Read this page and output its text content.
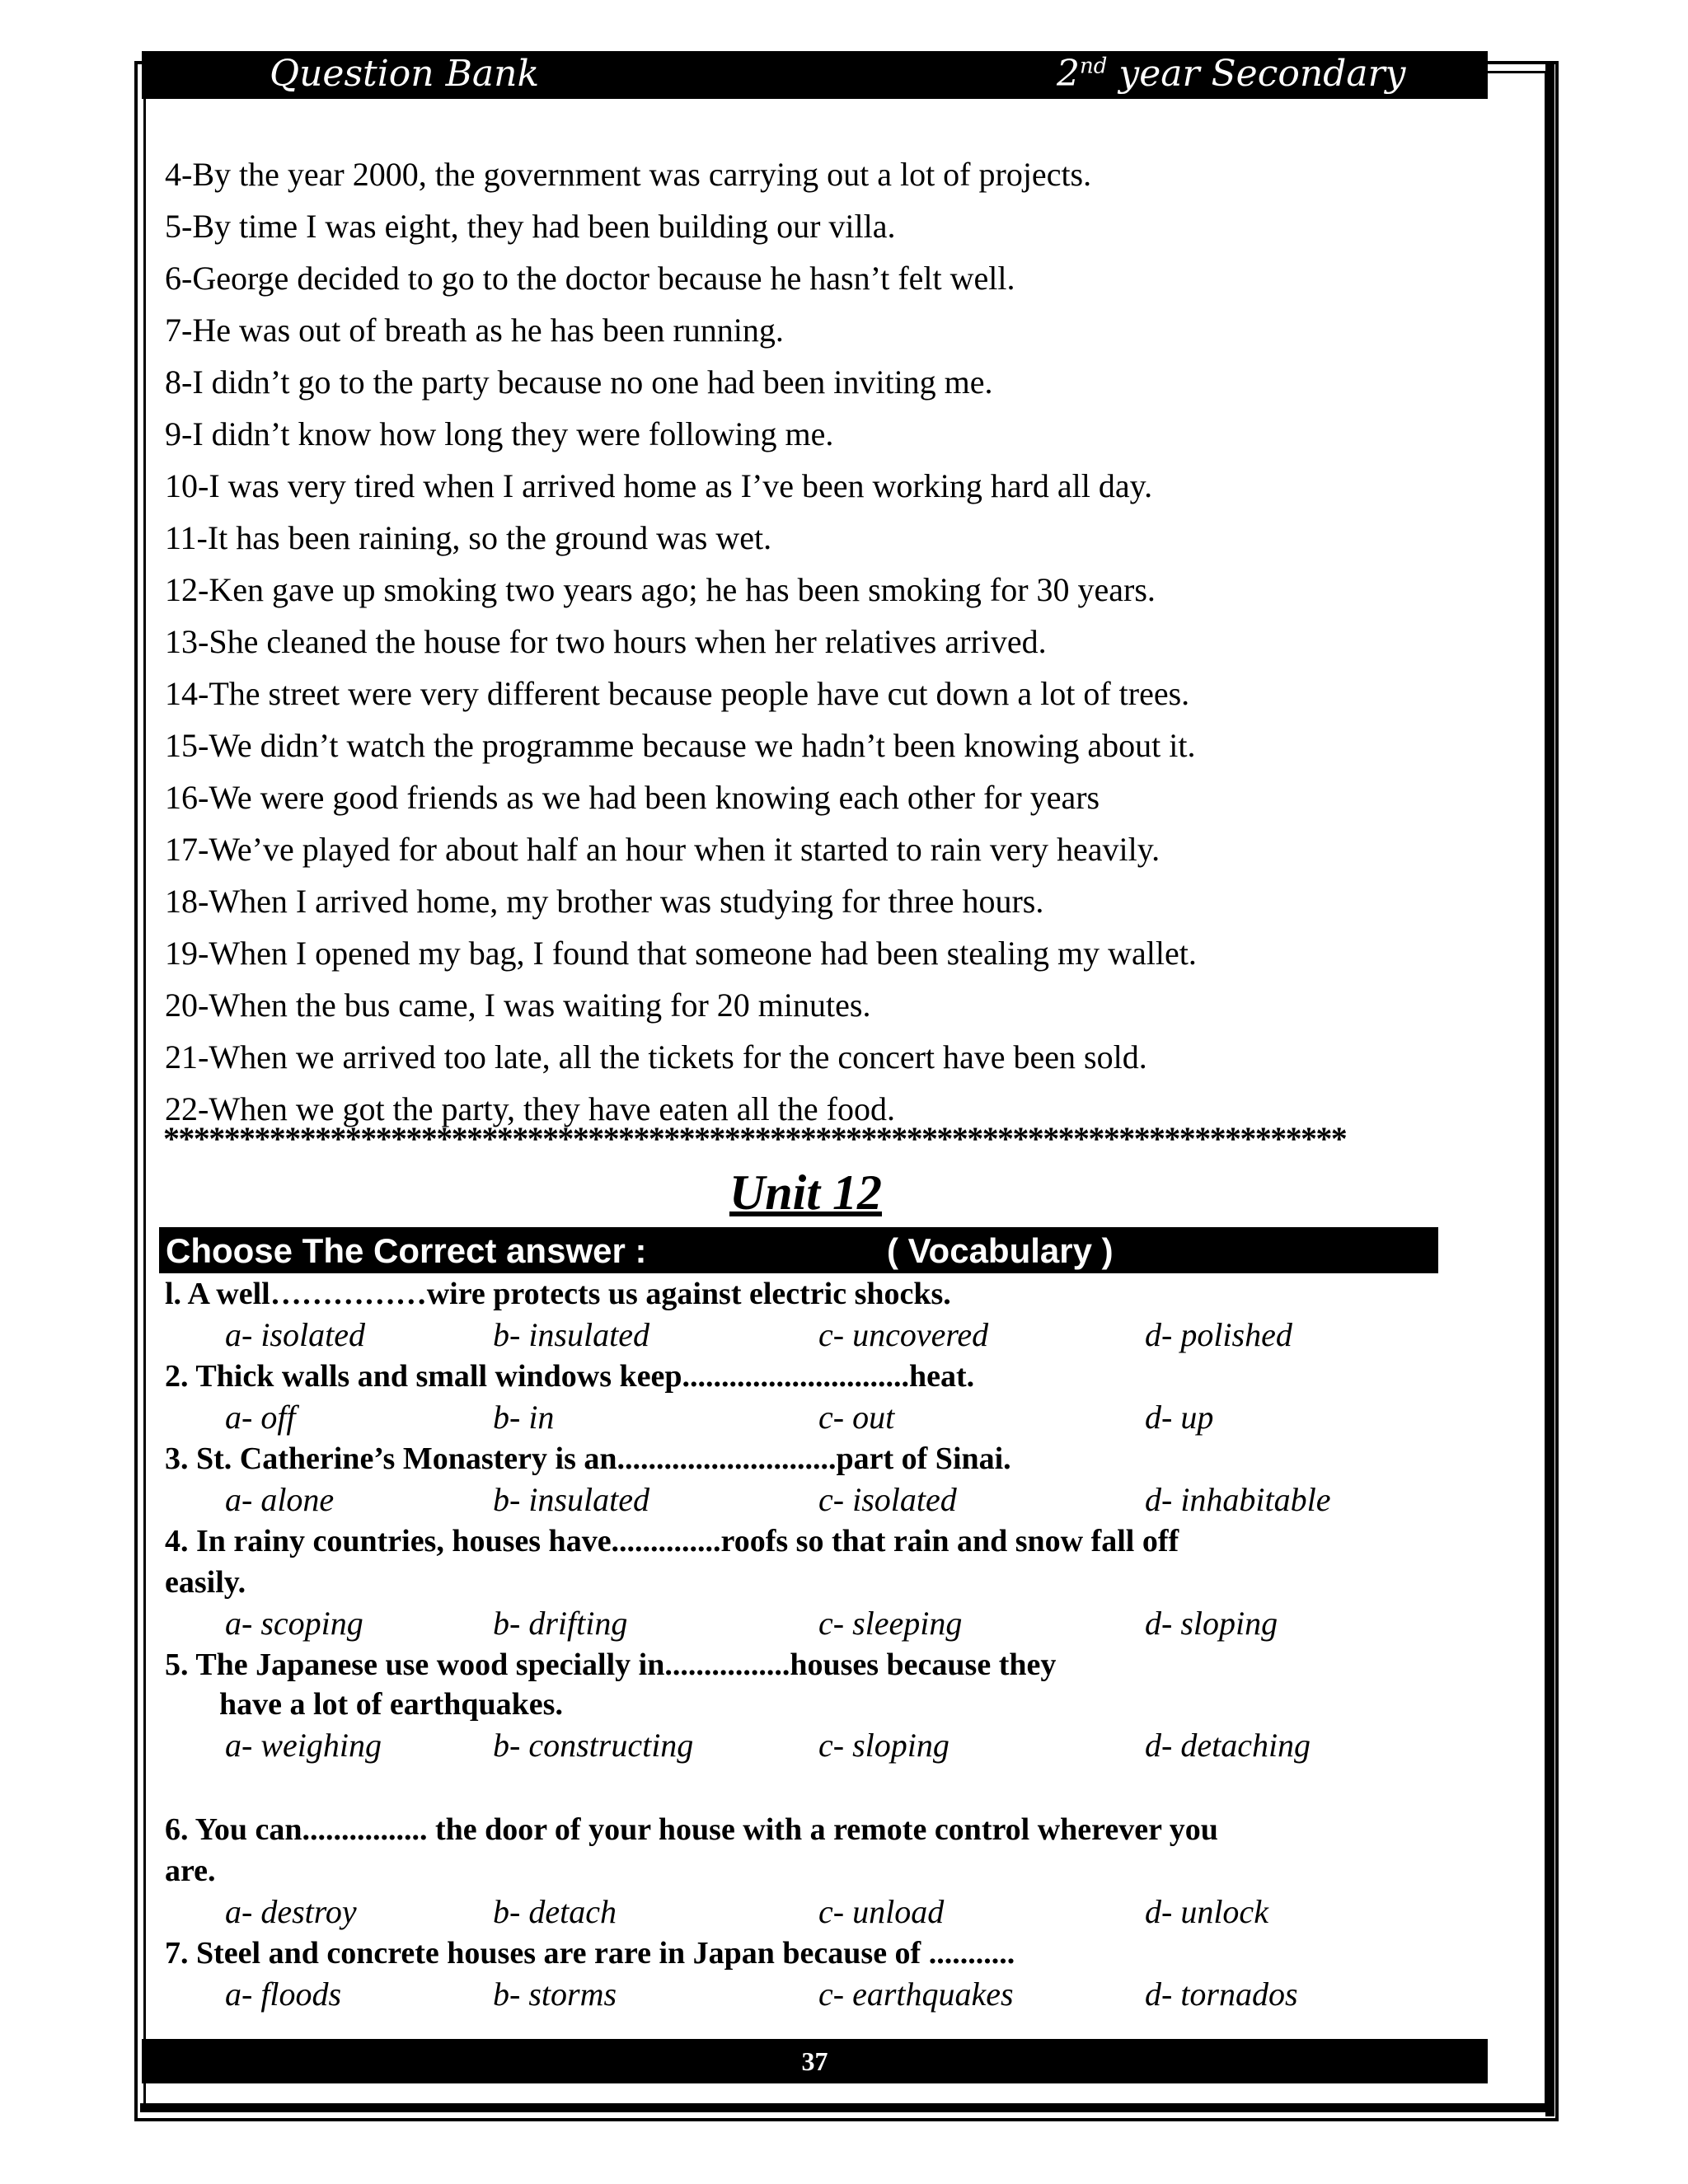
Question Bank	2nd year Secondary
4-By the year 2000, the government was carrying out a lot of projects.
5-By time I was eight, they had been building our villa.
6-George decided to go to the doctor because he hasn’t felt well.
7-He was out of breath as he has been running.
8-I didn’t go to the party because no one had been inviting me.
9-I didn’t know how long they were following me.
10-I was very tired when I arrived home as I’ve been working hard all day.
11-It has been raining, so the ground was wet.
12-Ken gave up smoking two years ago; he has been smoking for 30 years.
13-She cleaned the house for two hours when her relatives arrived.
14-The street were very different because people have cut down a lot of trees.
15-We didn’t watch the programme because we hadn’t been knowing about it.
16-We were good friends as we had been knowing each other for years
17-We’ve played for about half an hour when it started to rain very heavily.
18-When I arrived home, my brother was studying for three hours.
19-When I opened my bag, I found that someone had been stealing my wallet.
20-When the bus came, I was waiting for 20 minutes.
21-When we arrived too late, all the tickets for the concert have been sold.
22-When we got the party, they have eaten all the food.
******************************************************************************
Unit 12
Choose The Correct answer :	( Vocabulary )
l. A well……………wire protects us against electric shocks.
a- isolated	b- insulated	c- uncovered	d- polished
2. Thick walls and small windows keep.............................heat.
a- off	b- in	c- out	d- up
3. St. Catherine’s Monastery is an............................part of Sinai.
a- alone	b- insulated	c- isolated	d- inhabitable
4. In rainy countries, houses have..............roofs so that rain and snow fall off
easily.
a- scoping	b- drifting	c- sleeping	d- sloping
5. The Japanese use wood specially in................houses because they
have a lot of earthquakes.
a- weighing	b- constructing	c- sloping	d- detaching
6. You can................ the door of your house with a remote control wherever you
are.
a- destroy	b- detach	c- unload	d- unlock
7. Steel and concrete houses are rare in Japan because of ...........
a- floods	b- storms	c- earthquakes	d- tornados
37
